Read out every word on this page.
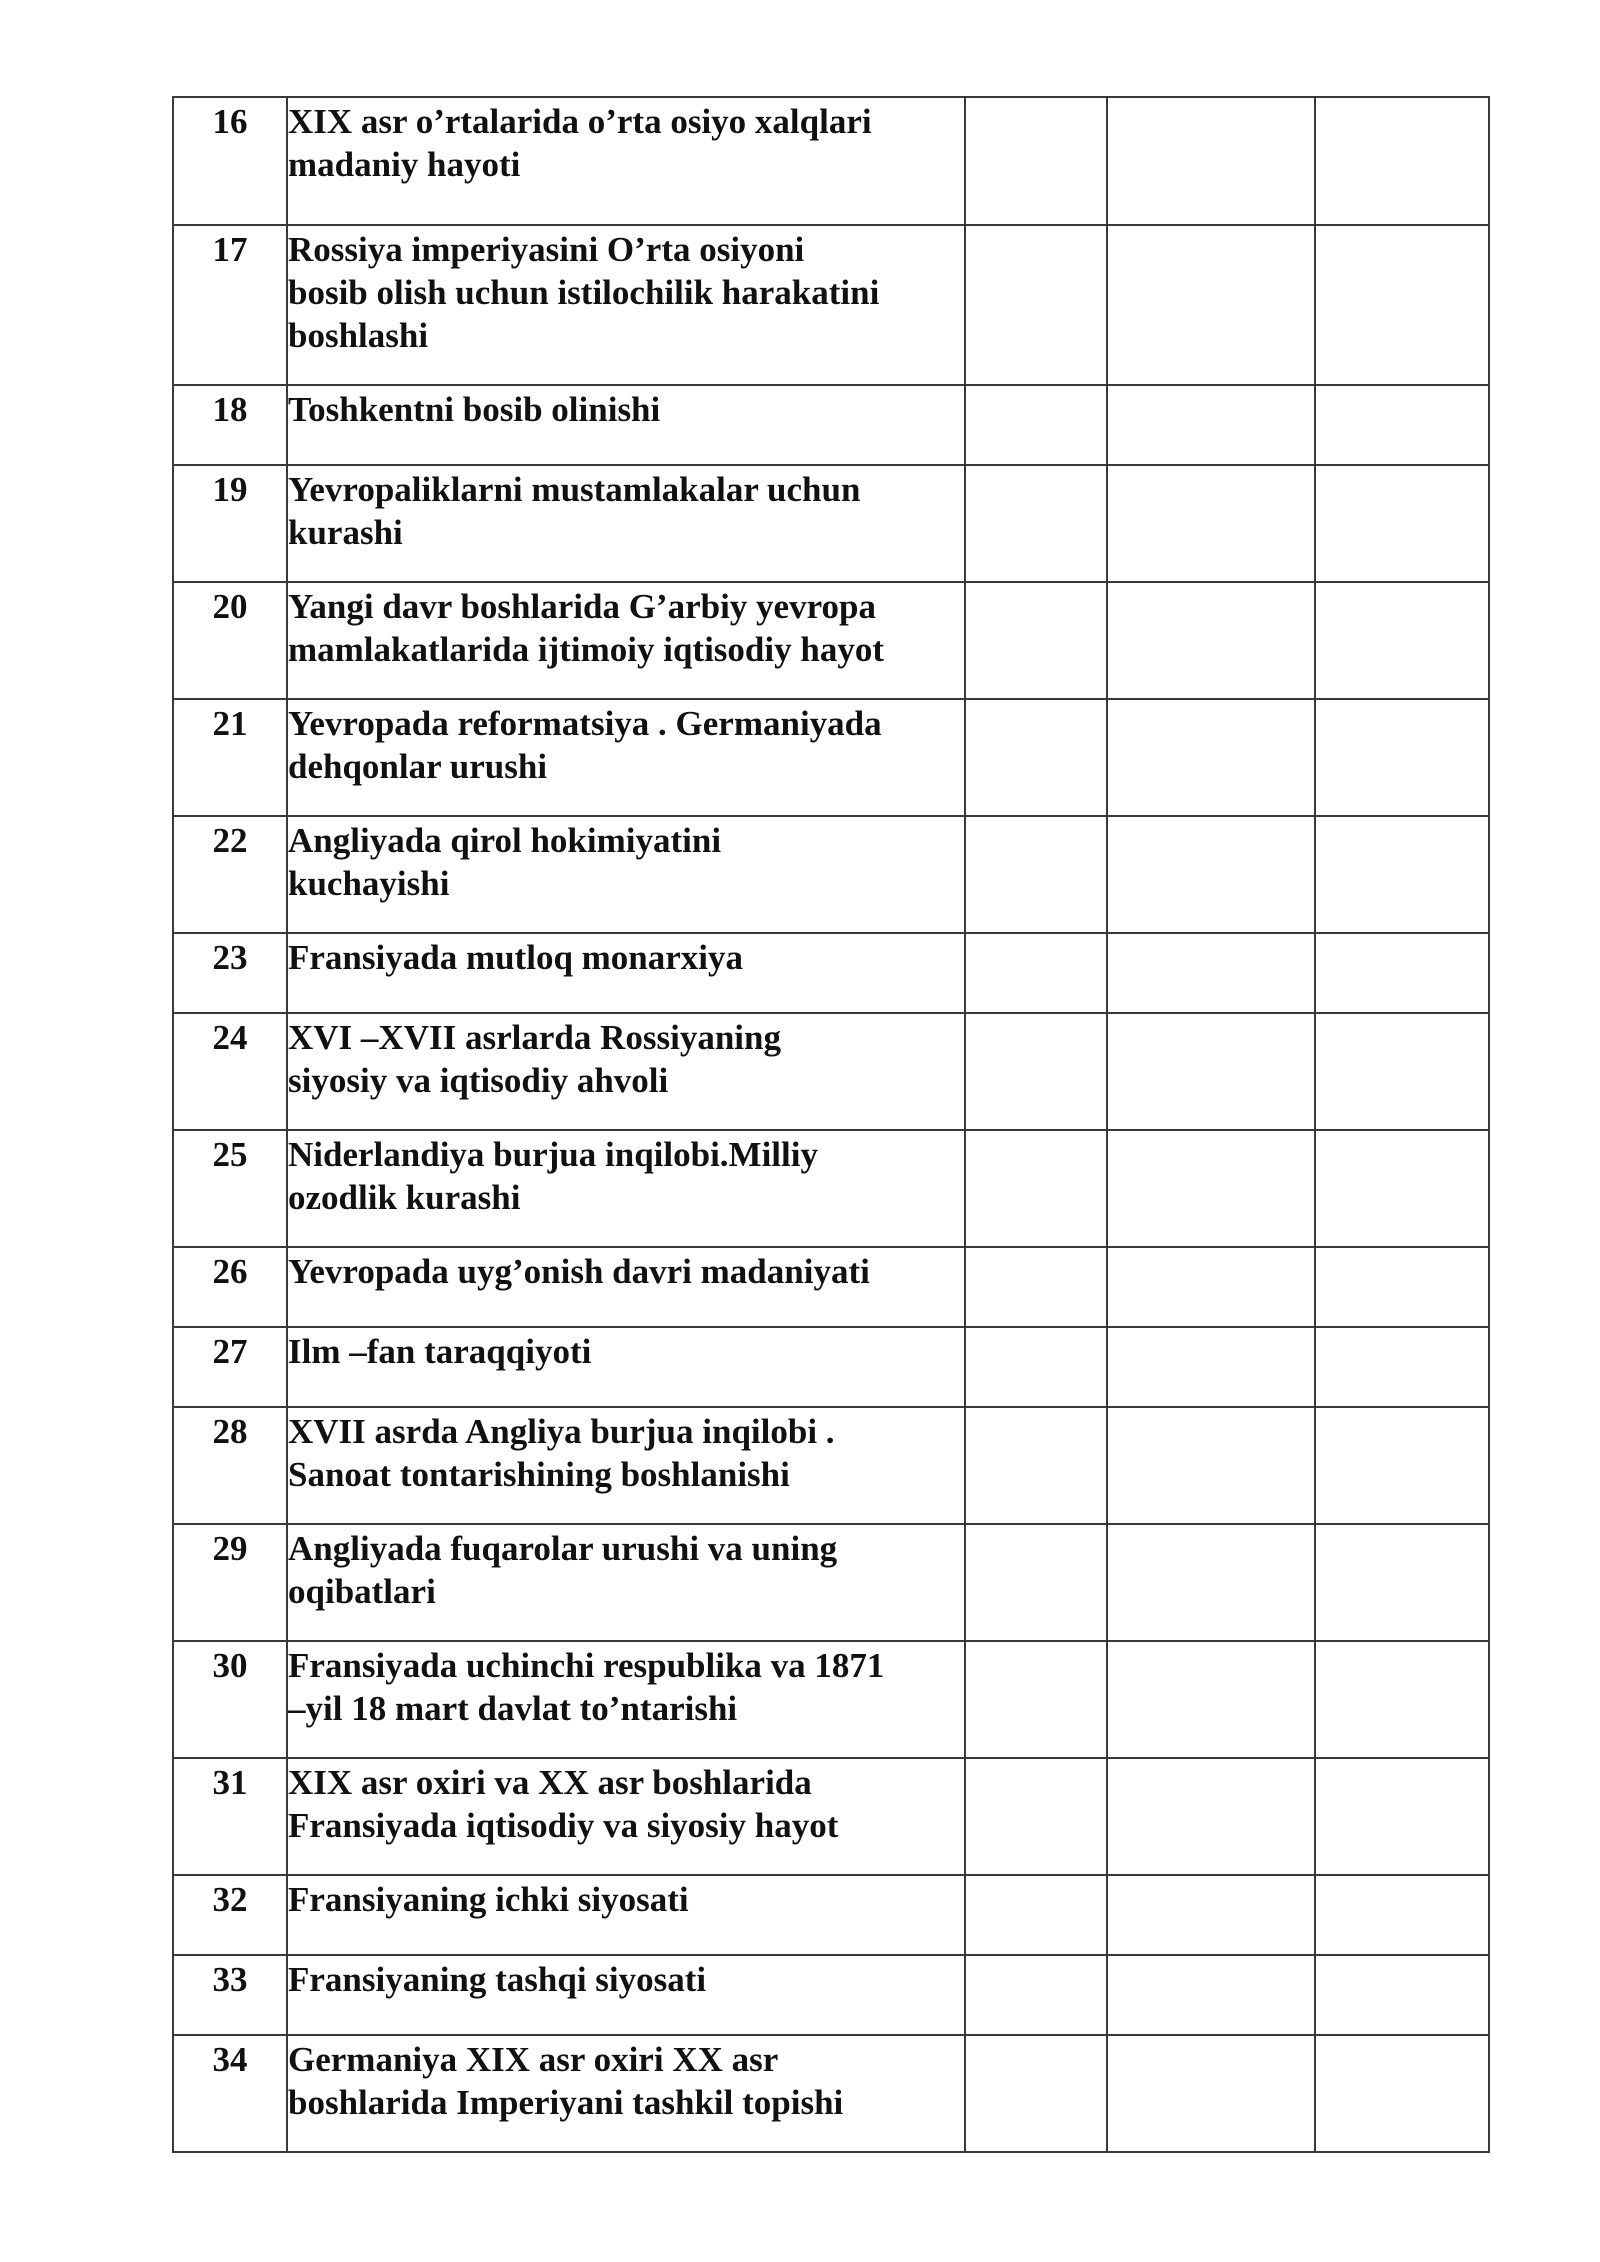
16	XIX asr o’rtalarida o’rta osiyo xalqlari
madaniy hayoti			

17	Rossiya imperiyasini O’rta osiyoni
bosib olish uchun istilochilik harakatini
boshlashi			

18	Toshkentni bosib olinishi			

19	Yevropaliklarni mustamlakalar uchun
kurashi			

20	Yangi davr boshlarida G’arbiy yevropa
mamlakatlarida ijtimoiy iqtisodiy hayot			

21	Yevropada reformatsiya . Germaniyada
dehqonlar urushi			

22	Angliyada qirol hokimiyatini
kuchayishi			

23	Fransiyada mutloq monarxiya			

24	XVI –XVII asrlarda Rossiyaning
siyosiy va iqtisodiy ahvoli			

25	Niderlandiya burjua inqilobi.Milliy
ozodlik kurashi			

26	Yevropada uyg’onish davri madaniyati			

27	Ilm –fan taraqqiyoti			

28	XVII asrda Angliya burjua inqilobi .
Sanoat tontarishining boshlanishi			

29	Angliyada fuqarolar urushi va uning
oqibatlari			

30	Fransiyada uchinchi respublika va 1871
–yil 18 mart davlat to’ntarishi			

31	XIX asr oxiri va XX asr boshlarida
Fransiyada iqtisodiy va siyosiy hayot			

32	Fransiyaning ichki siyosati			

33	Fransiyaning tashqi siyosati			

34	Germaniya XIX asr oxiri XX asr
boshlarida Imperiyani tashkil topishi			
